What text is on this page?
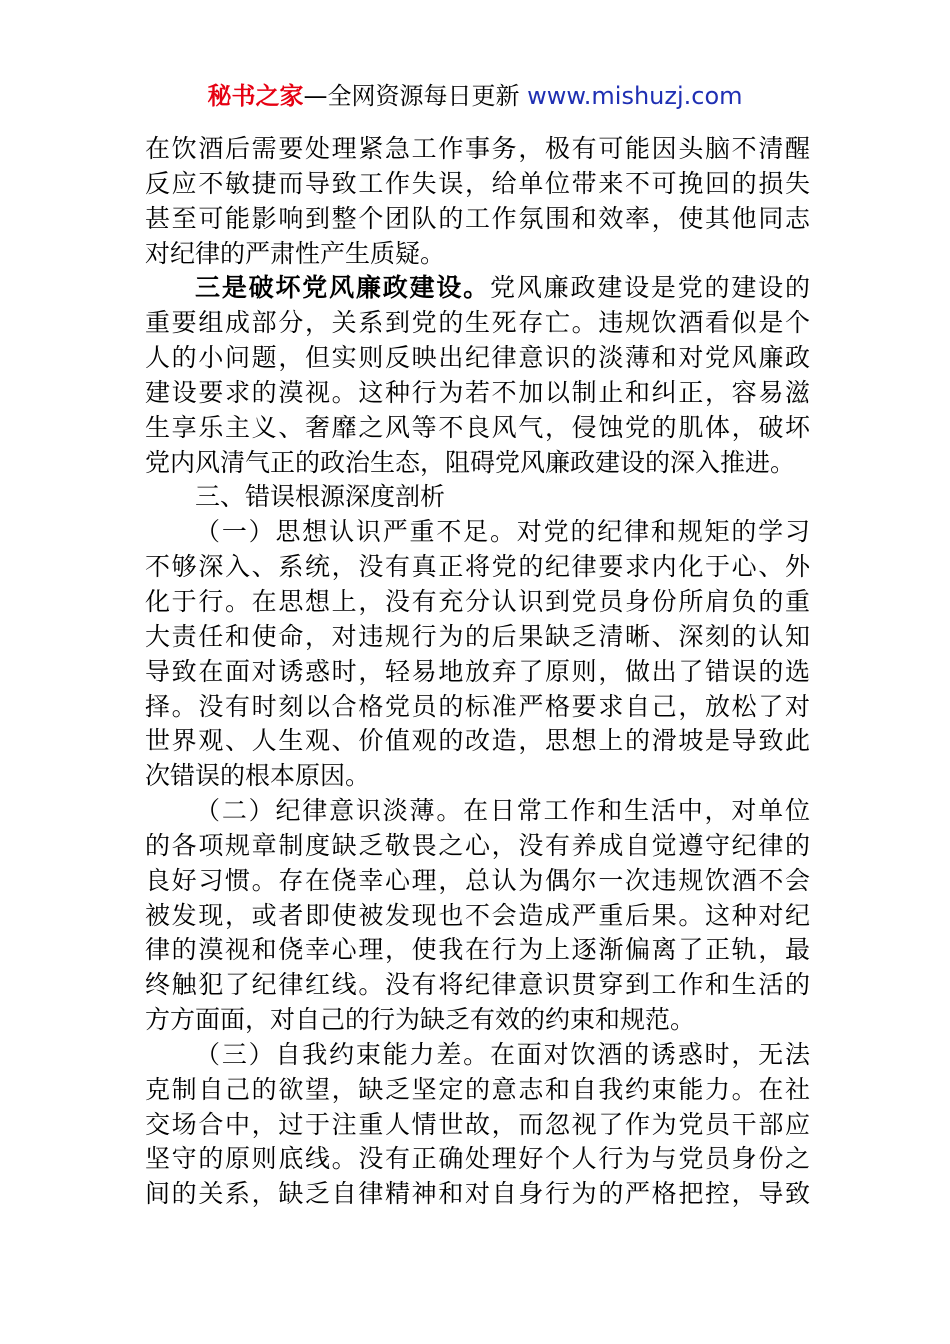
秘书之家—全网资源每日更新 www.mishuzj.com
在饮酒后需要处理紧急工作事务，极有可能因头脑不清醒
反应不敏捷而导致工作失误，给单位带来不可挽回的损失
甚至可能影响到整个团队的工作氛围和效率，使其他同志
对纪律的严肃性产生质疑。
三是破坏党风廉政建设。党风廉政建设是党的建设的
重要组成部分，关系到党的生死存亡。违规饮酒看似是个
人的小问题，但实则反映出纪律意识的淡薄和对党风廉政
建设要求的漠视。这种行为若不加以制止和纠正，容易滋
生享乐主义、奢靡之风等不良风气，侵蚀党的肌体，破坏
党内风清气正的政治生态，阻碍党风廉政建设的深入推进。
三、错误根源深度剖析
（一）思想认识严重不足。对党的纪律和规矩的学习
不够深入、系统，没有真正将党的纪律要求内化于心、外
化于行。在思想上，没有充分认识到党员身份所肩负的重
大责任和使命，对违规行为的后果缺乏清晰、深刻的认知
导致在面对诱惑时，轻易地放弃了原则，做出了错误的选
择。没有时刻以合格党员的标准严格要求自己，放松了对
世界观、人生观、价值观的改造，思想上的滑坡是导致此
次错误的根本原因。
（二）纪律意识淡薄。在日常工作和生活中，对单位
的各项规章制度缺乏敬畏之心，没有养成自觉遵守纪律的
良好习惯。存在侥幸心理，总认为偶尔一次违规饮酒不会
被发现，或者即使被发现也不会造成严重后果。这种对纪
律的漠视和侥幸心理，使我在行为上逐渐偏离了正轨，最
终触犯了纪律红线。没有将纪律意识贯穿到工作和生活的
方方面面，对自己的行为缺乏有效的约束和规范。
（三）自我约束能力差。在面对饮酒的诱惑时，无法
克制自己的欲望，缺乏坚定的意志和自我约束能力。在社
交场合中，过于注重人情世故，而忽视了作为党员干部应
坚守的原则底线。没有正确处理好个人行为与党员身份之
间的关系，缺乏自律精神和对自身行为的严格把控，导致
